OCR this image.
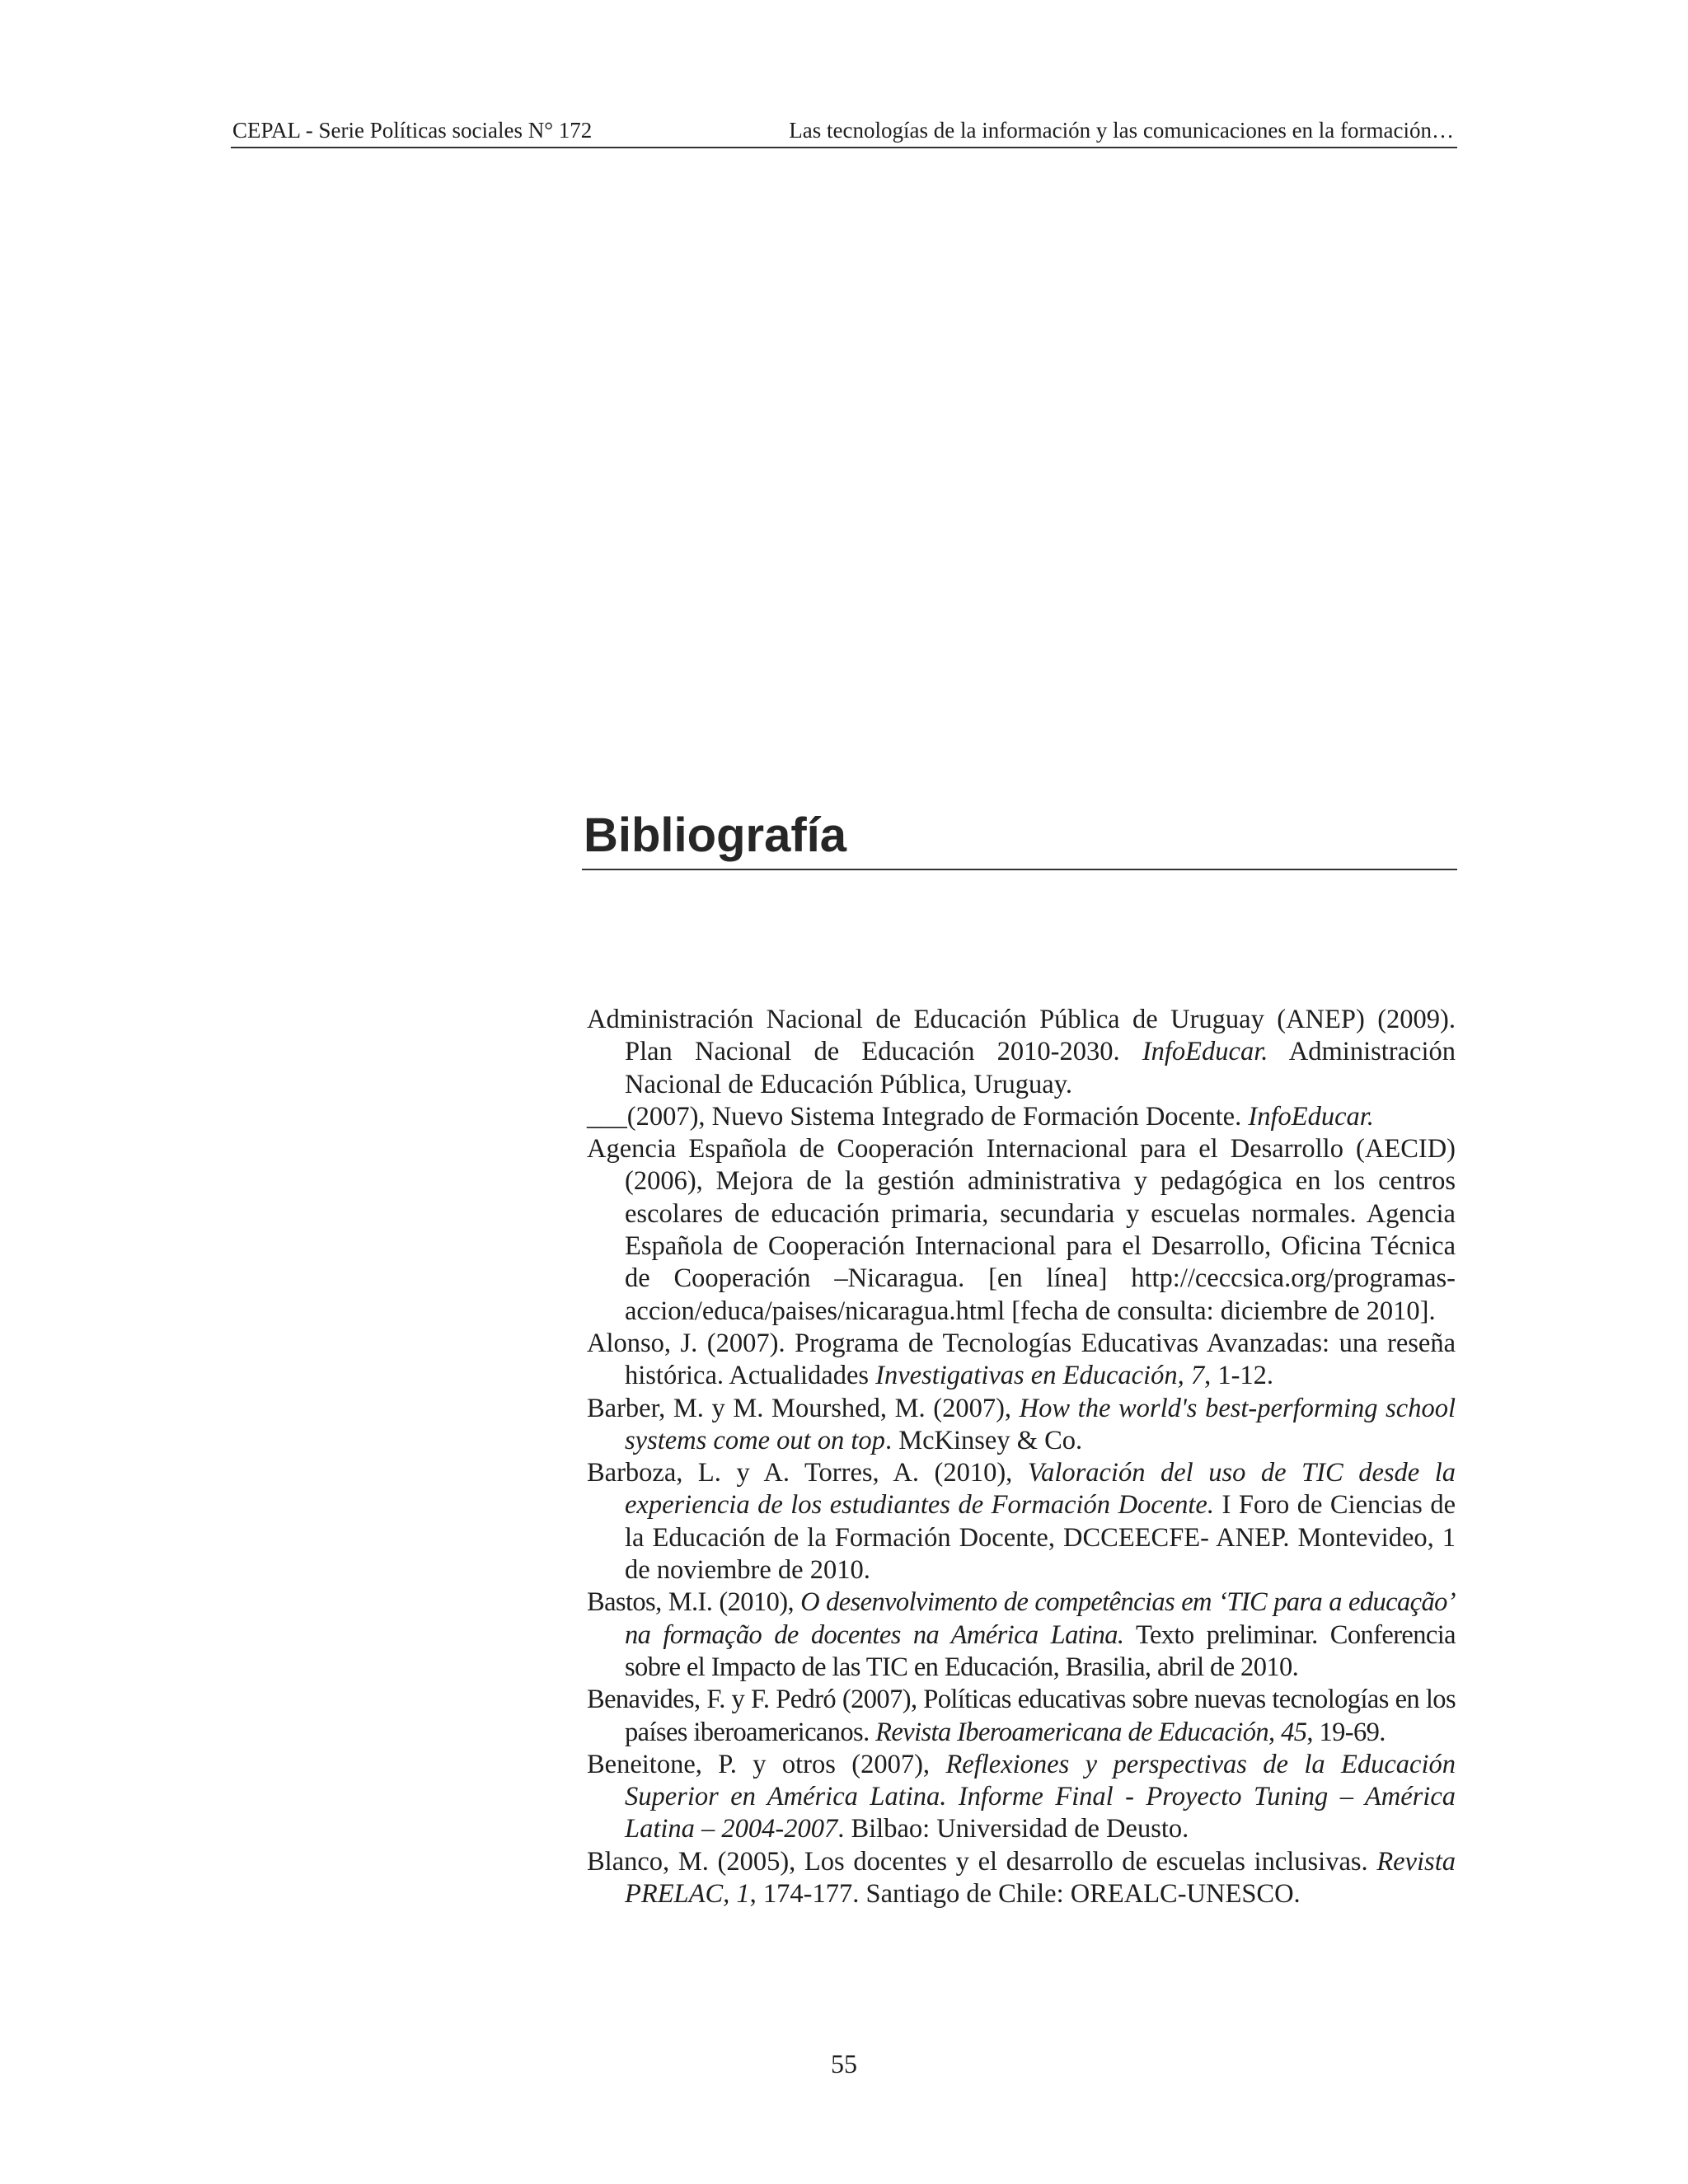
CEPAL - Serie Políticas sociales N° 172	Las tecnologías de la información y las comunicaciones en la formación…
Bibliografía

Administración Nacional de Educación Pública de Uruguay (ANEP) (2009). Plan Nacional de Educación 2010-2030. InfoEducar. Administración Nacional de Educación Pública, Uruguay.

___(2007), Nuevo Sistema Integrado de Formación Docente. InfoEducar.

Agencia Española de Cooperación Internacional para el Desarrollo (AECID) (2006), Mejora de la gestión administrativa y pedagógica en los centros escolares de educación primaria, secundaria y escuelas normales. Agencia Española de Cooperación Internacional para el Desarrollo, Oficina Técnica de Cooperación –Nicaragua. [en línea] http://ceccsica.org/programas-accion/educa/paises/nicaragua.html [fecha de consulta: diciembre de 2010].

Alonso, J. (2007). Programa de Tecnologías Educativas Avanzadas: una reseña histórica. Actualidades Investigativas en Educación, 7, 1-12.

Barber, M. y M. Mourshed, M. (2007), How the world's best-performing school systems come out on top. McKinsey & Co.

Barboza, L. y A. Torres, A. (2010), Valoración del uso de TIC desde la experiencia de los estudiantes de Formación Docente. I Foro de Ciencias de la Educación de la Formación Docente, DCCEECFE- ANEP. Montevideo, 1 de noviembre de 2010.

Bastos, M.I. (2010), O desenvolvimento de competências em ‘TIC para a educação’ na formação de docentes na América Latina. Texto preliminar. Conferencia sobre el Impacto de las TIC en Educación, Brasilia, abril de 2010.

Benavides, F. y F. Pedró (2007), Políticas educativas sobre nuevas tecnologías en los países iberoamericanos. Revista Iberoamericana de Educación, 45, 19-69.

Beneitone, P. y otros (2007), Reflexiones y perspectivas de la Educación Superior en América Latina. Informe Final - Proyecto Tuning – América Latina – 2004-2007. Bilbao: Universidad de Deusto.

Blanco, M. (2005), Los docentes y el desarrollo de escuelas inclusivas. Revista PRELAC, 1, 174-177. Santiago de Chile: OREALC-UNESCO.

55
